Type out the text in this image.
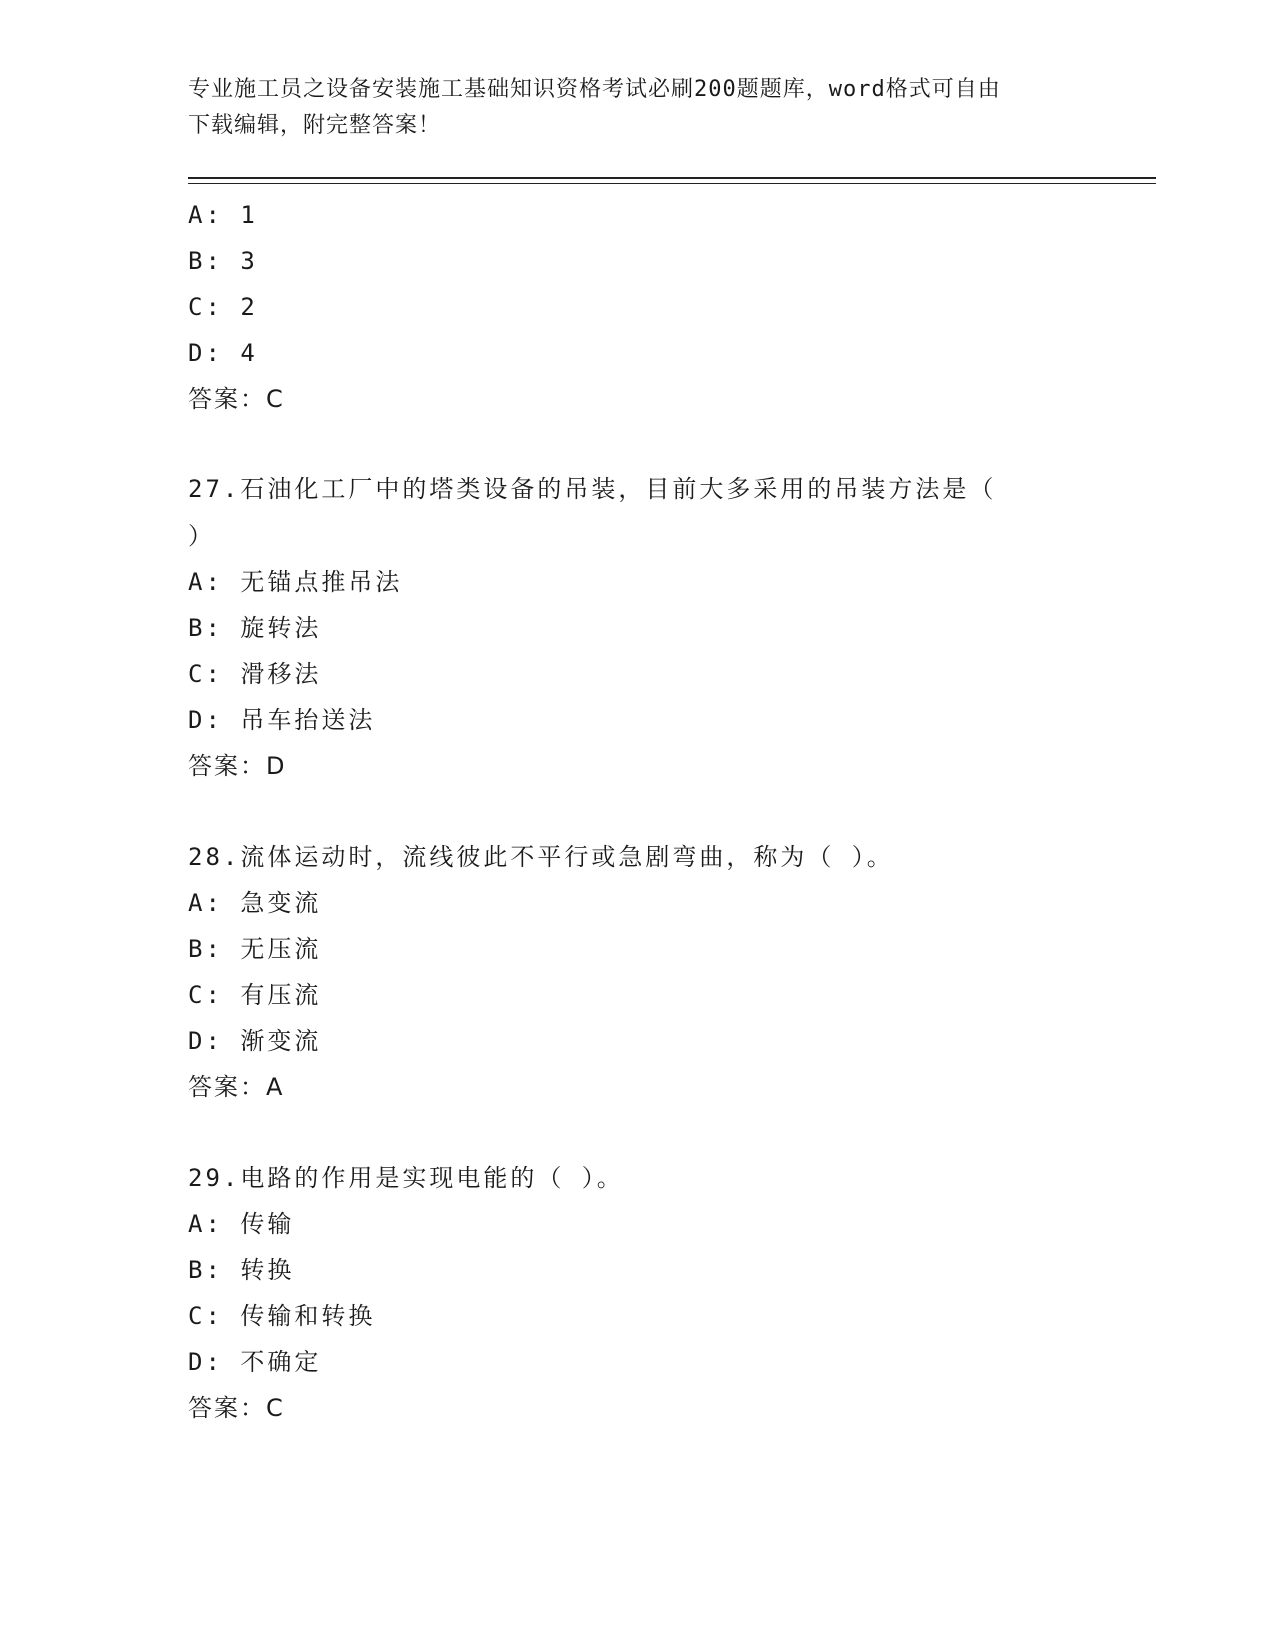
专业施工员之设备安装施工基础知识资格考试必刷200题题库，word格式可自由
下载编辑，附完整答案！
A: 1
B: 3
C: 2
D: 4
答案：C
27.石油化工厂中的塔类设备的吊装，目前大多采用的吊装方法是（
）
A: 无锚点推吊法
B: 旋转法
C: 滑移法
D: 吊车抬送法
答案：D
28.流体运动时，流线彼此不平行或急剧弯曲，称为（ ）。
A: 急变流
B: 无压流
C: 有压流
D: 渐变流
答案：A
29.电路的作用是实现电能的（ ）。
A: 传输
B: 转换
C: 传输和转换
D: 不确定
答案：C
